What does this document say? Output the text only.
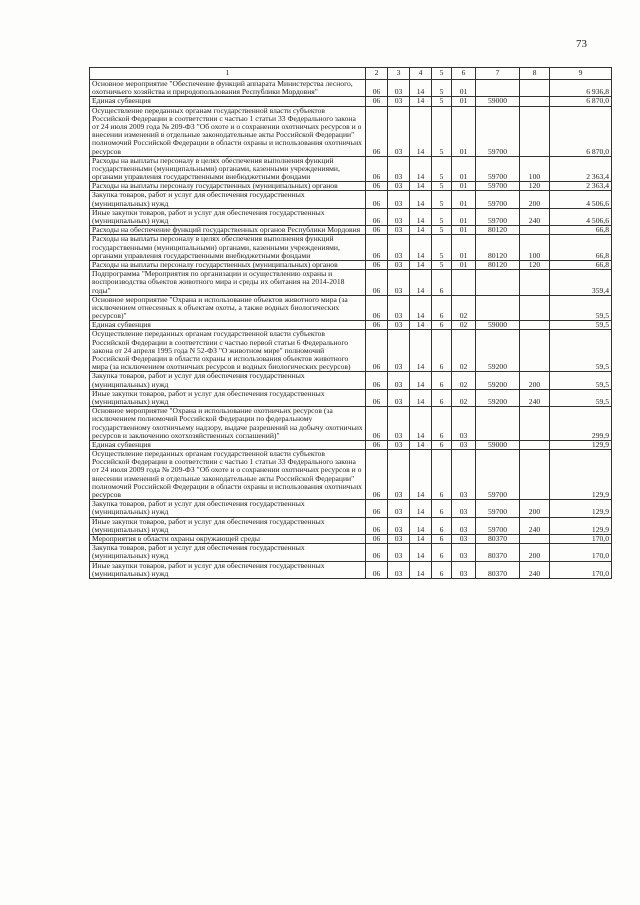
73
1	2	3	4	5	6	7	8	9
Основное мероприятие "Обеспечение функций аппарата Министерства лесного, охотничьего хозяйства и природопользования Республики Мордовия"	06	03	14	5	01			6 936,8
Единая субвенция	06	03	14	5	01	59000		6 870,0
Осуществление переданных органам государственной власти субъектов Российской Федерации в соответствии с частью 1 статьи 33 Федерального закона от 24 июля 2009 года № 209-ФЗ "Об охоте и о сохранении охотничьих ресурсов и о внесении изменений в отдельные законодательные акты Российской Федерации" полномочий Российской Федерации в области охраны и использования охотничьих ресурсов	06	03	14	5	01	59700		6 870,0
Расходы на выплаты персоналу в целях обеспечения выполнения функций государственными (муниципальными) органами, казенными учреждениями, органами управления государственными внебюджетными фондами	06	03	14	5	01	59700	100	2 363,4
Расходы на выплаты персоналу государственных (муниципальных) органов	06	03	14	5	01	59700	120	2 363,4
Закупка товаров, работ и услуг для обеспечения государственных (муниципальных) нужд	06	03	14	5	01	59700	200	4 506,6
Иные закупки товаров, работ и услуг для обеспечения государственных (муниципальных) нужд	06	03	14	5	01	59700	240	4 506,6
Расходы на обеспечение функций государственных органов Республики Мордовия	06	03	14	5	01	80120		66,8
Расходы на выплаты персоналу в целях обеспечения выполнения функций государственными (муниципальными) органами, казенными учреждениями, органами управления государственными внебюджетными фондами	06	03	14	5	01	80120	100	66,8
Расходы на выплаты персоналу государственных (муниципальных) органов	06	03	14	5	01	80120	120	66,8
Подпрограмма "Мероприятия по организации и осуществлению охраны и воспроизводства объектов животного мира и среды их обитания на 2014-2018 годы"	06	03	14	6				359,4
Основное мероприятие "Охрана и использование объектов животного мира (за исключением отнесенных к объектам охоты, а также водных биологических ресурсов)"	06	03	14	6	02			59,5
Единая субвенция	06	03	14	6	02	59000		59,5
Осуществление переданных органам государственной власти субъектов Российской Федерации в соответствии с частью первой статьи 6 Федерального закона от 24 апреля 1995 года N 52-ФЗ "О животном мире" полномочий Российской Федерации в области охраны и использования объектов животного мира (за исключением охотничьих ресурсов и водных биологических ресурсов)	06	03	14	6	02	59200		59,5
Закупка товаров, работ и услуг для обеспечения государственных (муниципальных) нужд	06	03	14	6	02	59200	200	59,5
Иные закупки товаров, работ и услуг для обеспечения государственных (муниципальных) нужд	06	03	14	6	02	59200	240	59,5
Основное мероприятие "Охрана и использование охотничьих ресурсов (за исключением полномочий Российской Федерации по федеральному государственному охотничьему надзору, выдаче разрешений на добычу охотничьих ресурсов и заключению охотхозяйственных соглашений)"	06	03	14	6	03			299,9
Единая субвенция	06	03	14	6	03	59000		129,9
Осуществление переданных органам государственной власти субъектов Российской Федерации в соответствии с частью 1 статьи 33 Федерального закона от 24 июля 2009 года № 209-ФЗ "Об охоте и о сохранении охотничьих ресурсов и о внесении изменений в отдельные законодательные акты Российской Федерации" полномочий Российской Федерации в области охраны и использования охотничьих ресурсов	06	03	14	6	03	59700		129,9
Закупка товаров, работ и услуг для обеспечения государственных (муниципальных) нужд	06	03	14	6	03	59700	200	129,9
Иные закупки товаров, работ и услуг для обеспечения государственных (муниципальных) нужд	06	03	14	6	03	59700	240	129,9
Мероприятия в области охраны окружающей среды	06	03	14	6	03	80370		170,0
Закупка товаров, работ и услуг для обеспечения государственных (муниципальных) нужд	06	03	14	6	03	80370	200	170,0
Иные закупки товаров, работ и услуг для обеспечения государственных (муниципальных) нужд	06	03	14	6	03	80370	240	170,0
